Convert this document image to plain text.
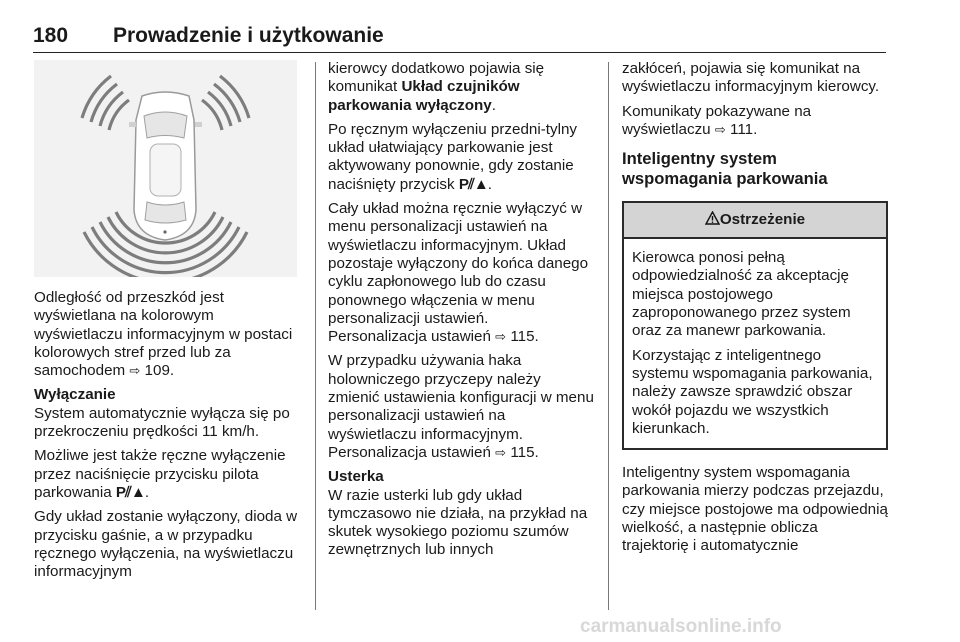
180 Prowadzenie i użytkowanie

Odległość od przeszkód jest wyświetlana na kolorowym wyświetlaczu informacyjnym w postaci kolorowych stref przed lub za samochodem ⇨ 109.

Wyłączanie

System automatycznie wyłącza się po przekroczeniu prędkości 11 km/h.

Możliwe jest także ręczne wyłączenie przez naciśnięcie przycisku pilota parkowania P⫽▲.

Gdy układ zostanie wyłączony, dioda w przycisku gaśnie, a w przypadku ręcznego wyłączenia, na wyświetlaczu informacyjnym

kierowcy dodatkowo pojawia się komunikat Układ czujników parkowania wyłączony.

Po ręcznym wyłączeniu przedni-tylny układ ułatwiający parkowanie jest aktywowany ponownie, gdy zostanie naciśnięty przycisk P⫽▲.

Cały układ można ręcznie wyłączyć w menu personalizacji ustawień na wyświetlaczu informacyjnym. Układ pozostaje wyłączony do końca danego cyklu zapłonowego lub do czasu ponownego włączenia w menu personalizacji ustawień.
Personalizacja ustawień ⇨ 115.

W przypadku używania haka holowniczego przyczepy należy zmienić ustawienia konfiguracji w menu personalizacji ustawień na wyświetlaczu informacyjnym.
Personalizacja ustawień ⇨ 115.

Usterka

W razie usterki lub gdy układ tymczasowo nie działa, na przykład na skutek wysokiego poziomu szumów zewnętrznych lub innych

zakłóceń, pojawia się komunikat na wyświetlaczu informacyjnym kierowcy.

Komunikaty pokazywane na wyświetlaczu ⇨ 111.

Inteligentny system wspomagania parkowania
Ostrzeżenie

Kierowca ponosi pełną odpowiedzialność za akceptację miejsca postojowego zaproponowanego przez system oraz za manewr parkowania.

Korzystając z inteligentnego systemu wspomagania parkowania, należy zawsze sprawdzić obszar wokół pojazdu we wszystkich kierunkach.

Inteligentny system wspomagania parkowania mierzy podczas przejazdu, czy miejsce postojowe ma odpowiednią wielkość, a następnie oblicza trajektorię i automatycznie

carmanualsonline.info
